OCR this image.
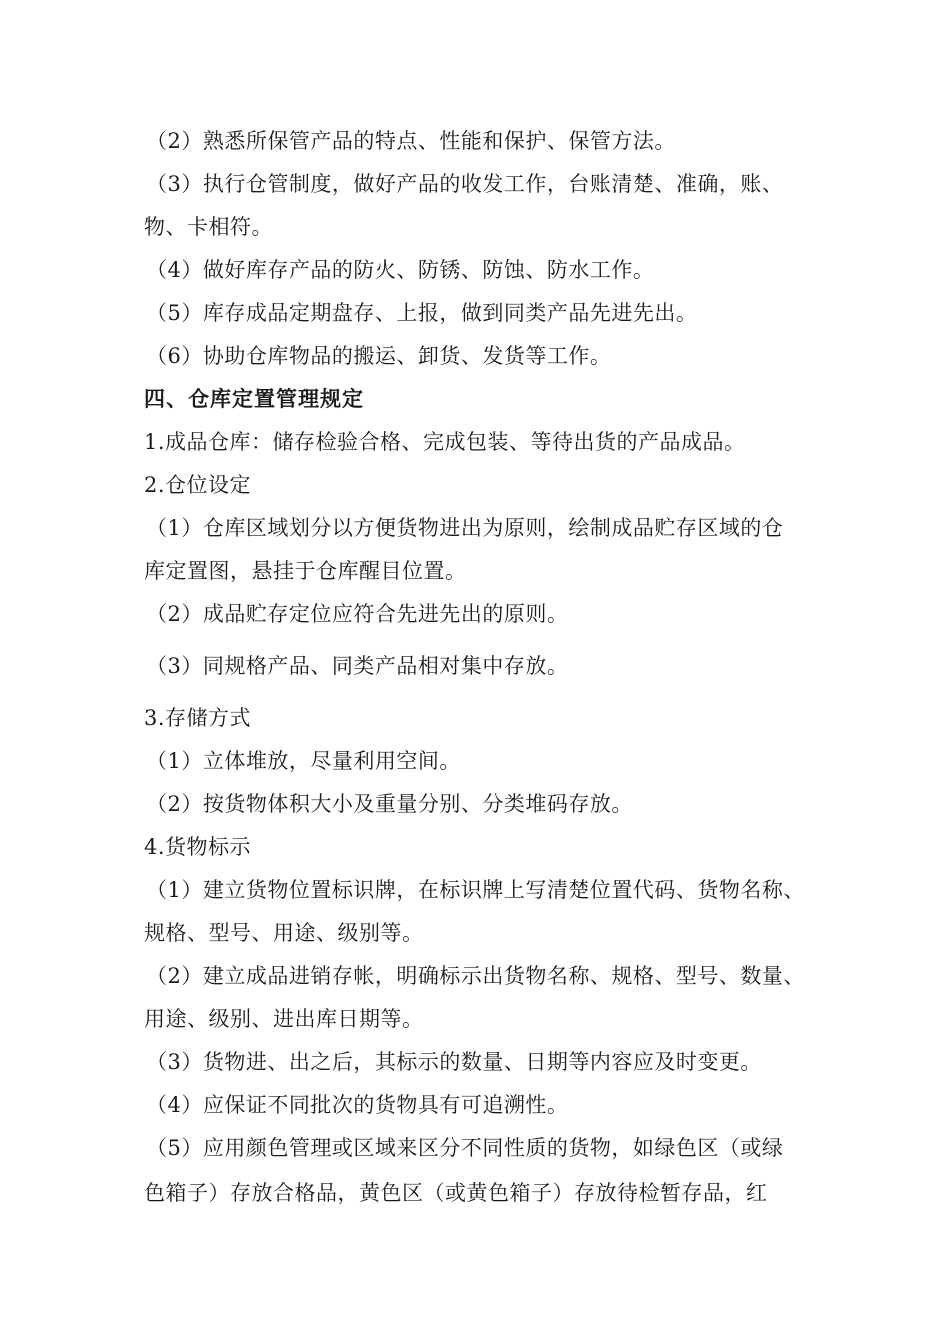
（2）熟悉所保管产品的特点、性能和保护、保管方法。
（3）执行仓管制度，做好产品的收发工作，台账清楚、准确，账、
物、卡相符。
（4）做好库存产品的防火、防锈、防蚀、防水工作。
（5）库存成品定期盘存、上报，做到同类产品先进先出。
（6）协助仓库物品的搬运、卸货、发货等工作。
四、仓库定置管理规定
1.成品仓库：储存检验合格、完成包装、等待出货的产品成品。
2.仓位设定
（1）仓库区域划分以方便货物进出为原则，绘制成品贮存区域的仓
库定置图，悬挂于仓库醒目位置。
（2）成品贮存定位应符合先进先出的原则。
（3）同规格产品、同类产品相对集中存放。
3.存储方式
（1）立体堆放，尽量利用空间。
（2）按货物体积大小及重量分别、分类堆码存放。
4.货物标示
（1）建立货物位置标识牌，在标识牌上写清楚位置代码、货物名称、
规格、型号、用途、级别等。
（2）建立成品进销存帐，明确标示出货物名称、规格、型号、数量、
用途、级别、进出库日期等。
（3）货物进、出之后，其标示的数量、日期等内容应及时变更。
（4）应保证不同批次的货物具有可追溯性。
（5）应用颜色管理或区域来区分不同性质的货物，如绿色区（或绿
色箱子）存放合格品，黄色区（或黄色箱子）存放待检暂存品，红
